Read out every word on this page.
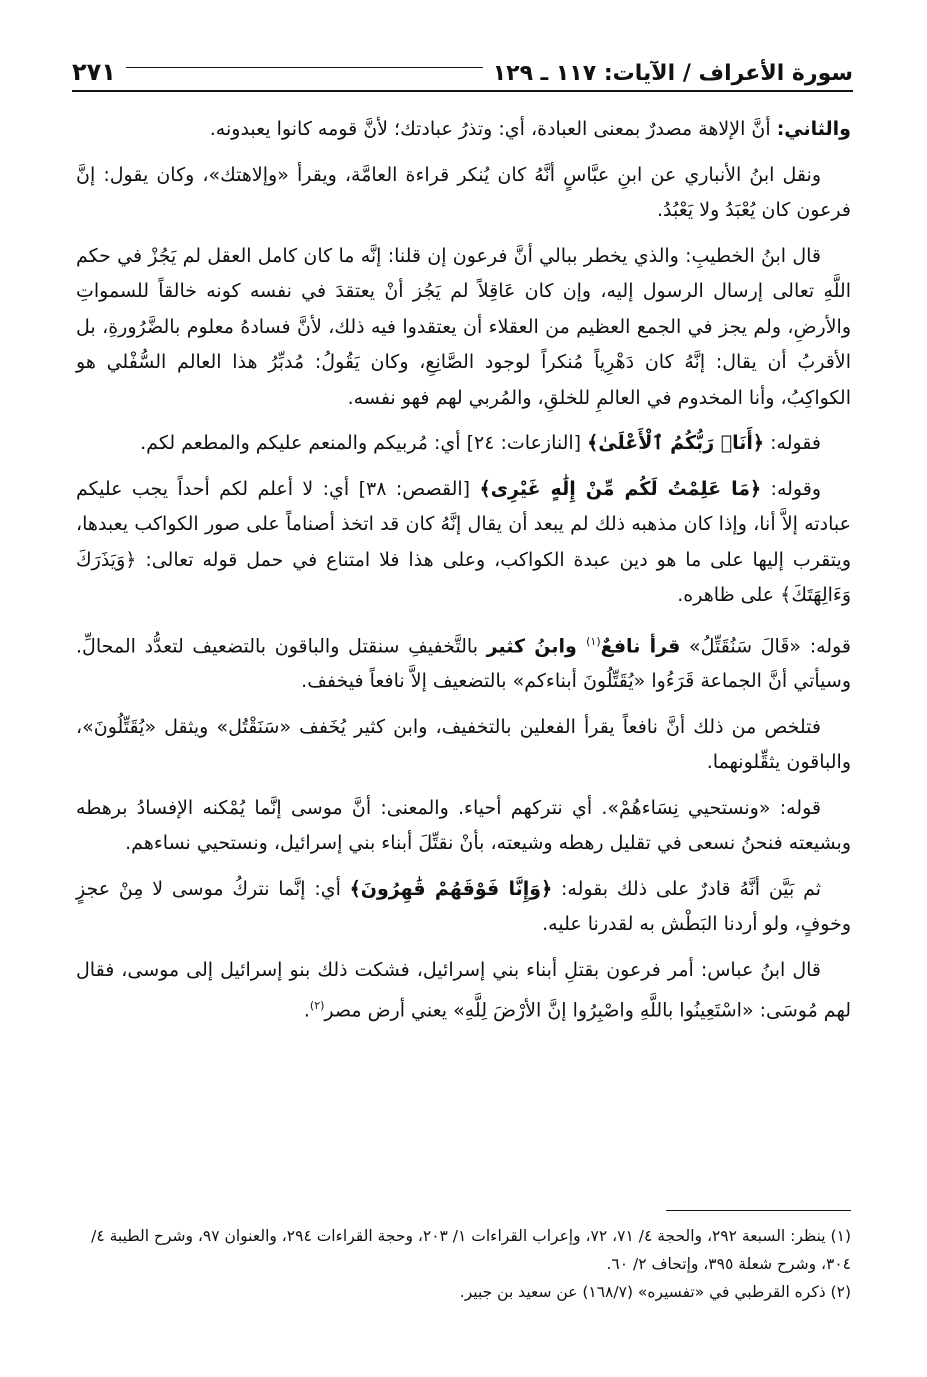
سورة الأعراف / الآيات: ١١٧ ـ ١٢٩
٢٧١

والثاني: أنَّ الإلاهة مصدرٌ بمعنى العبادة، أي: وتذرُ عبادتك؛ لأنَّ قومه كانوا يعبدونه.

ونقل ابنُ الأنباري عن ابنِ عبَّاسٍ أنَّهُ كان يُنكر قراءة العامَّة، ويقرأ «وإلاهتك»، وكان يقول: إنَّ فرعون كان يُعْبَدُ ولا يَعْبُدُ.

قال ابنُ الخطيبِ: والذي يخطر ببالي أنَّ فرعون إن قلنا: إنَّه ما كان كامل العقل لم يَجُزْ في حكم اللَّهِ تعالى إرسال الرسول إليه، وإن كان عَاقِلاً لم يَجُز أنْ يعتقدَ في نفسه كونه خالقاً للسمواتِ والأرضِ، ولم يجز في الجمع العظيم من العقلاء أن يعتقدوا فيه ذلك، لأنَّ فسادهُ معلوم بالضَّرُورةِ، بل الأقربُ أن يقال: إنَّهُ كان دَهْرِياً مُنكراً لوجود الصَّانِعِ، وكان يَقُولُ: مُدبِّرُ هذا العالم السُّفْلي هو الكواكِبُ، وأنا المخدوم في العالمِ للخلقِ، والمُربي لهم فهو نفسه.

فقوله: ﴿أَنَا۠ رَبُّكُمُ ٱلْأَعْلَىٰ﴾ [النازعات: ٢٤] أي: مُربيكم والمنعم عليكم والمطعم لكم.

وقوله: ﴿مَا عَلِمْتُ لَكُم مِّنْ إِلَٰهٍ غَيْرِى﴾ [القصص: ٣٨] أي: لا أعلم لكم أحداً يجب عليكم عبادته إلاَّ أنا، وإذا كان مذهبه ذلك لم يبعد أن يقال إنَّهُ كان قد اتخذ أصناماً على صور الكواكب يعبدها، ويتقرب إليها على ما هو دين عبدة الكواكب، وعلى هذا فلا امتناع في حمل قوله تعالى: ﴿وَيَذَرَكَ وَءَالِهَتَكَ﴾ على ظاهره.

قوله: «قَالَ سَنُقَتِّلُ» قرأ نافعٌ$^{(١)}$ وابنُ كثير بالتَّخفيفِ سنقتل والباقون بالتضعيف لتعدُّد المحالِّ. وسيأتي أنَّ الجماعة قَرَءُوا «يُقَتِّلُونَ أبناءكم» بالتضعيف إلاَّ نافعاً فيخفف.

فتلخص من ذلك أنَّ نافعاً يقرأ الفعلين بالتخفيف، وابن كثير يُخَفف «سَنَقْتُل» ويثقل «يُقَتِّلُونَ»، والباقون يثقِّلونهما.

قوله: «ونستحيي نِسَاءهُمْ». أي نتركهم أحياء. والمعنى: أنَّ موسى إنَّما يُمْكنه الإفسادُ برهطه وبشيعته فنحنُ نسعى في تقليل رهطه وشيعته، بأنْ نقتِّلَ أبناء بني إسرائيل، ونستحيي نساءهم.

ثم بَيَّن أنَّهُ قادرٌ على ذلك بقوله: ﴿وَإِنَّا فَوْقَهُمْ قَٰهِرُونَ﴾ أي: إنَّما نتركُ موسى لا مِنْ عجزٍ وخوفٍ، ولو أردنا البَطْش به لقدرنا عليه.

قال ابنُ عباس: أمر فرعون بقتلِ أبناء بني إسرائيل، فشكت ذلك بنو إسرائيل إلى موسى، فقال لهم مُوسَى: «اسْتَعِينُوا باللَّهِ واصْبِرُوا إنَّ الأرْضَ لِلَّهِ» يعني أرض مصر$^{(٢)}$.

(١) ينظر: السبعة ٢٩٢، والحجة ٤/ ٧١، ٧٢، وإعراب القراءات ١/ ٢٠٣، وحجة القراءات ٢٩٤، والعنوان ٩٧، وشرح الطيبة ٤/ ٣٠٤، وشرح شعلة ٣٩٥، وإتحاف ٢/ ٦٠.

(٢) ذكره القرطبي في «تفسيره» (١٦٨/٧) عن سعيد بن جبير.
